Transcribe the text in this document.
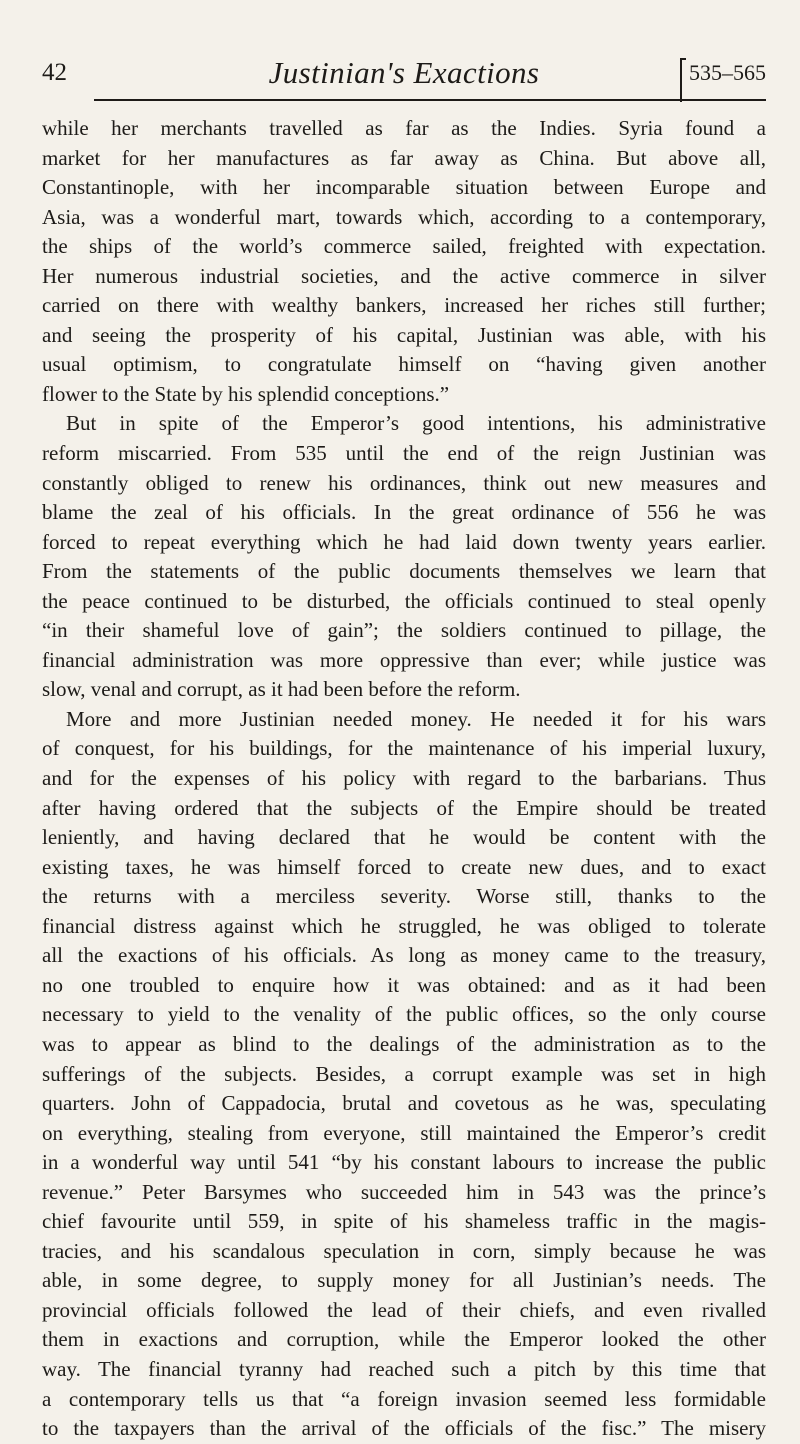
42	Justinian's Exactions	535–565
while her merchants travelled as far as the Indies. Syria found a
market for her manufactures as far away as China. But above all,
Constantinople, with her incomparable situation between Europe and
Asia, was a wonderful mart, towards which, according to a contemporary,
the ships of the world’s commerce sailed, freighted with expectation.
Her numerous industrial societies, and the active commerce in silver
carried on there with wealthy bankers, increased her riches still further;
and seeing the prosperity of his capital, Justinian was able, with his
usual optimism, to congratulate himself on “having given another
flower to the State by his splendid conceptions.”
But in spite of the Emperor’s good intentions, his administrative
reform miscarried. From 535 until the end of the reign Justinian was
constantly obliged to renew his ordinances, think out new measures and
blame the zeal of his officials. In the great ordinance of 556 he was
forced to repeat everything which he had laid down twenty years earlier.
From the statements of the public documents themselves we learn that
the peace continued to be disturbed, the officials continued to steal openly
“in their shameful love of gain”; the soldiers continued to pillage, the
financial administration was more oppressive than ever; while justice was
slow, venal and corrupt, as it had been before the reform.
More and more Justinian needed money. He needed it for his wars
of conquest, for his buildings, for the maintenance of his imperial luxury,
and for the expenses of his policy with regard to the barbarians. Thus
after having ordered that the subjects of the Empire should be treated
leniently, and having declared that he would be content with the
existing taxes, he was himself forced to create new dues, and to exact
the returns with a merciless severity. Worse still, thanks to the
financial distress against which he struggled, he was obliged to tolerate
all the exactions of his officials. As long as money came to the treasury,
no one troubled to enquire how it was obtained: and as it had been
necessary to yield to the venality of the public offices, so the only course
was to appear as blind to the dealings of the administration as to the
sufferings of the subjects. Besides, a corrupt example was set in high
quarters. John of Cappadocia, brutal and covetous as he was, speculating
on everything, stealing from everyone, still maintained the Emperor’s credit
in a wonderful way until 541 “by his constant labours to increase the public
revenue.” Peter Barsymes who succeeded him in 543 was the prince’s
chief favourite until 559, in spite of his shameless traffic in the magis-
tracies, and his scandalous speculation in corn, simply because he was
able, in some degree, to supply money for all Justinian’s needs. The
provincial officials followed the lead of their chiefs, and even rivalled
them in exactions and corruption, while the Emperor looked the other
way. The financial tyranny had reached such a pitch by this time that
a contemporary tells us that “a foreign invasion seemed less formidable
to the taxpayers than the arrival of the officials of the fisc.” The misery
